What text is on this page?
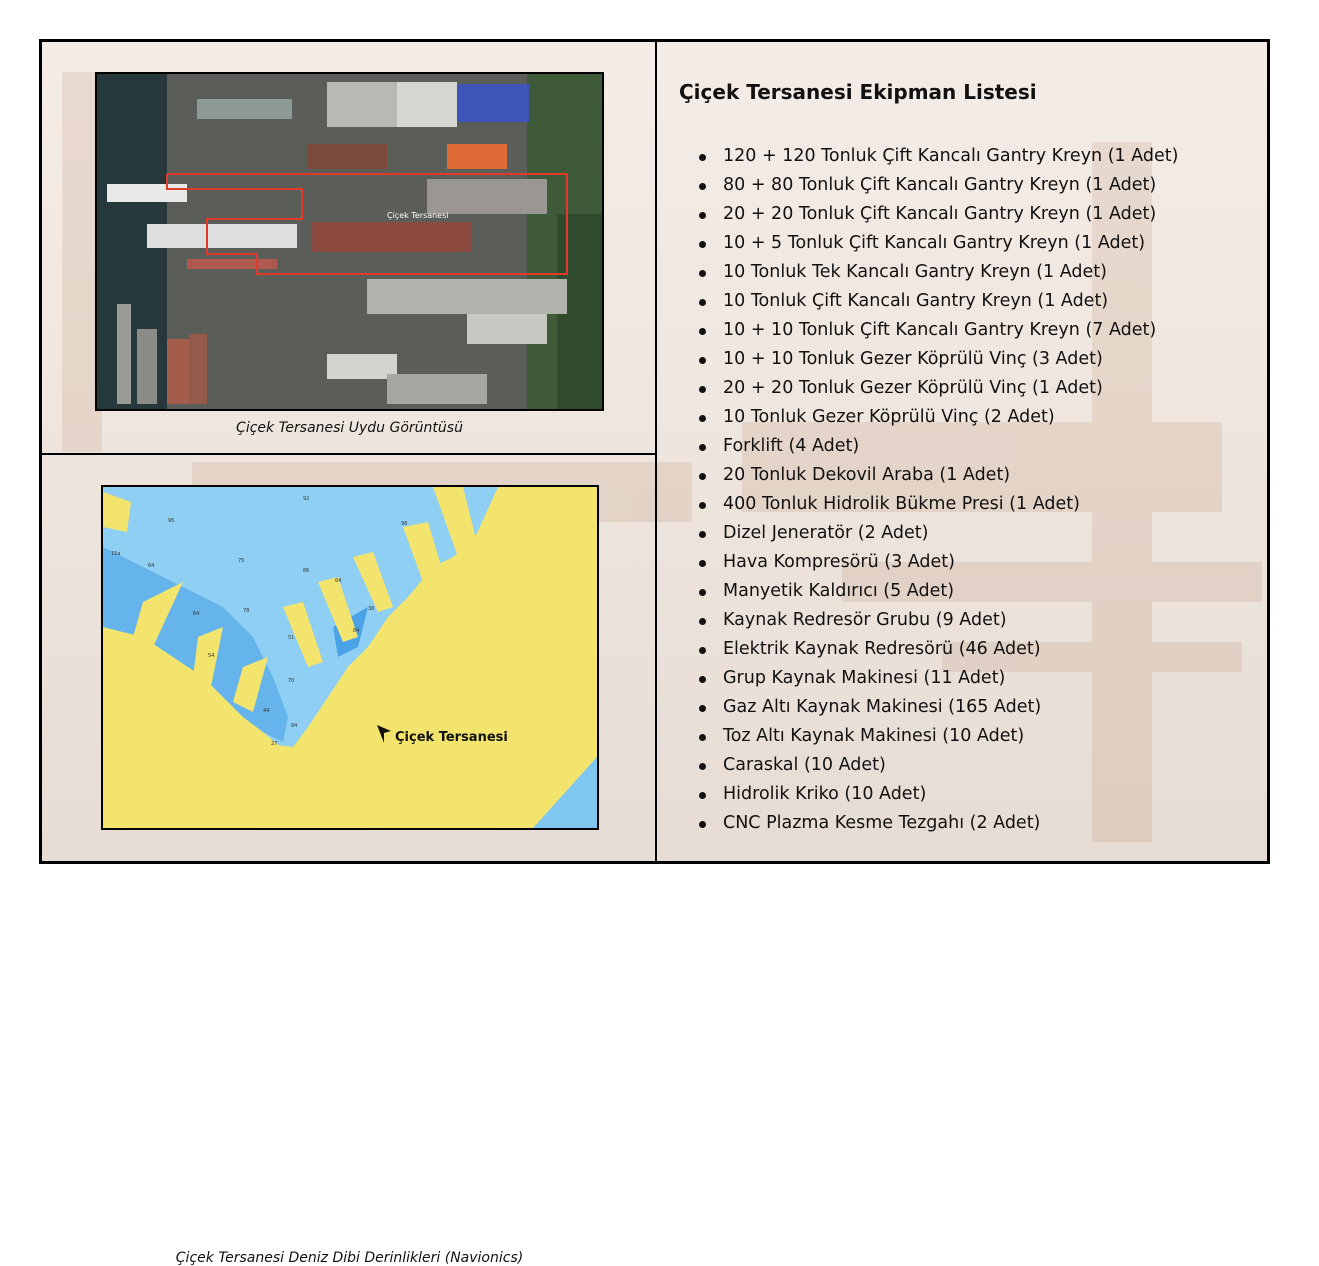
Çiçek Tersanesi
Çiçek Tersanesi Uydu Görüntüsü
Çiçek Tersanesi Deniz Dibi Derinlikleri (Navionics)
92
95
15a
75
64
86
78
64
51
64
38
98
84
54
70
84
44
27	Çiçek Tersanesi
Çiçek Tersanesi Ekipman Listesi
120 + 120 Tonluk Çift Kancalı Gantry Kreyn (1 Adet)
80 + 80 Tonluk Çift Kancalı Gantry Kreyn (1 Adet)
20 + 20 Tonluk Çift Kancalı Gantry Kreyn (1 Adet)
10 + 5 Tonluk Çift Kancalı Gantry Kreyn (1 Adet)
10 Tonluk Tek Kancalı Gantry Kreyn (1 Adet)
10 Tonluk Çift Kancalı Gantry Kreyn (1 Adet)
10 + 10 Tonluk Çift Kancalı Gantry Kreyn (7 Adet)
10 + 10 Tonluk Gezer Köprülü Vinç (3 Adet)
20 + 20 Tonluk Gezer Köprülü Vinç (1 Adet)
10 Tonluk Gezer Köprülü Vinç (2 Adet)
Forklift (4 Adet)
20 Tonluk Dekovil Araba (1 Adet)
400 Tonluk Hidrolik Bükme Presi (1 Adet)
Dizel Jeneratör (2 Adet)
Hava Kompresörü (3 Adet)
Manyetik Kaldırıcı (5 Adet)
Kaynak Redresör Grubu (9 Adet)
Elektrik Kaynak Redresörü (46 Adet)
Grup Kaynak Makinesi (11 Adet)
Gaz Altı Kaynak Makinesi (165 Adet)
Toz Altı Kaynak Makinesi (10 Adet)
Caraskal (10 Adet)
Hidrolik Kriko (10 Adet)
CNC Plazma Kesme Tezgahı (2 Adet)
